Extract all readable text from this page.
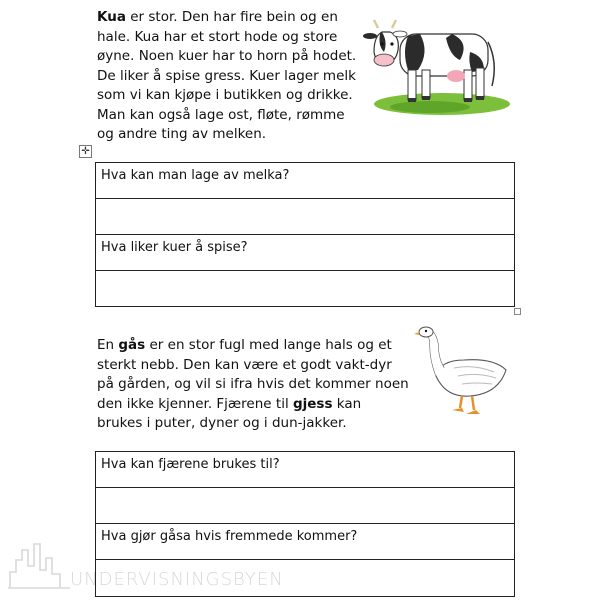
Kua er stor. Den har fire bein og en
hale. Kua har et stort hode og store
øyne. Noen kuer har to horn på hodet.
De liker å spise gress. Kuer lager melk
som vi kan kjøpe i butikken og drikke.
Man kan også lage ost, fløte, rømme
og andre ting av melken.
✛
Hva kan man lage av melka?
Hva liker kuer å spise?
En gås er en stor fugl med lange hals og et
sterkt nebb. Den kan være et godt vakt-dyr
på gården, og vil si ifra hvis det kommer noen
den ikke kjenner. Fjærene til gjess kan
brukes i puter, dyner og i dun-jakker.
Hva kan fjærene brukes til?
Hva gjør gåsa hvis fremmede kommer?
UNDERVISNINGSBYEN
